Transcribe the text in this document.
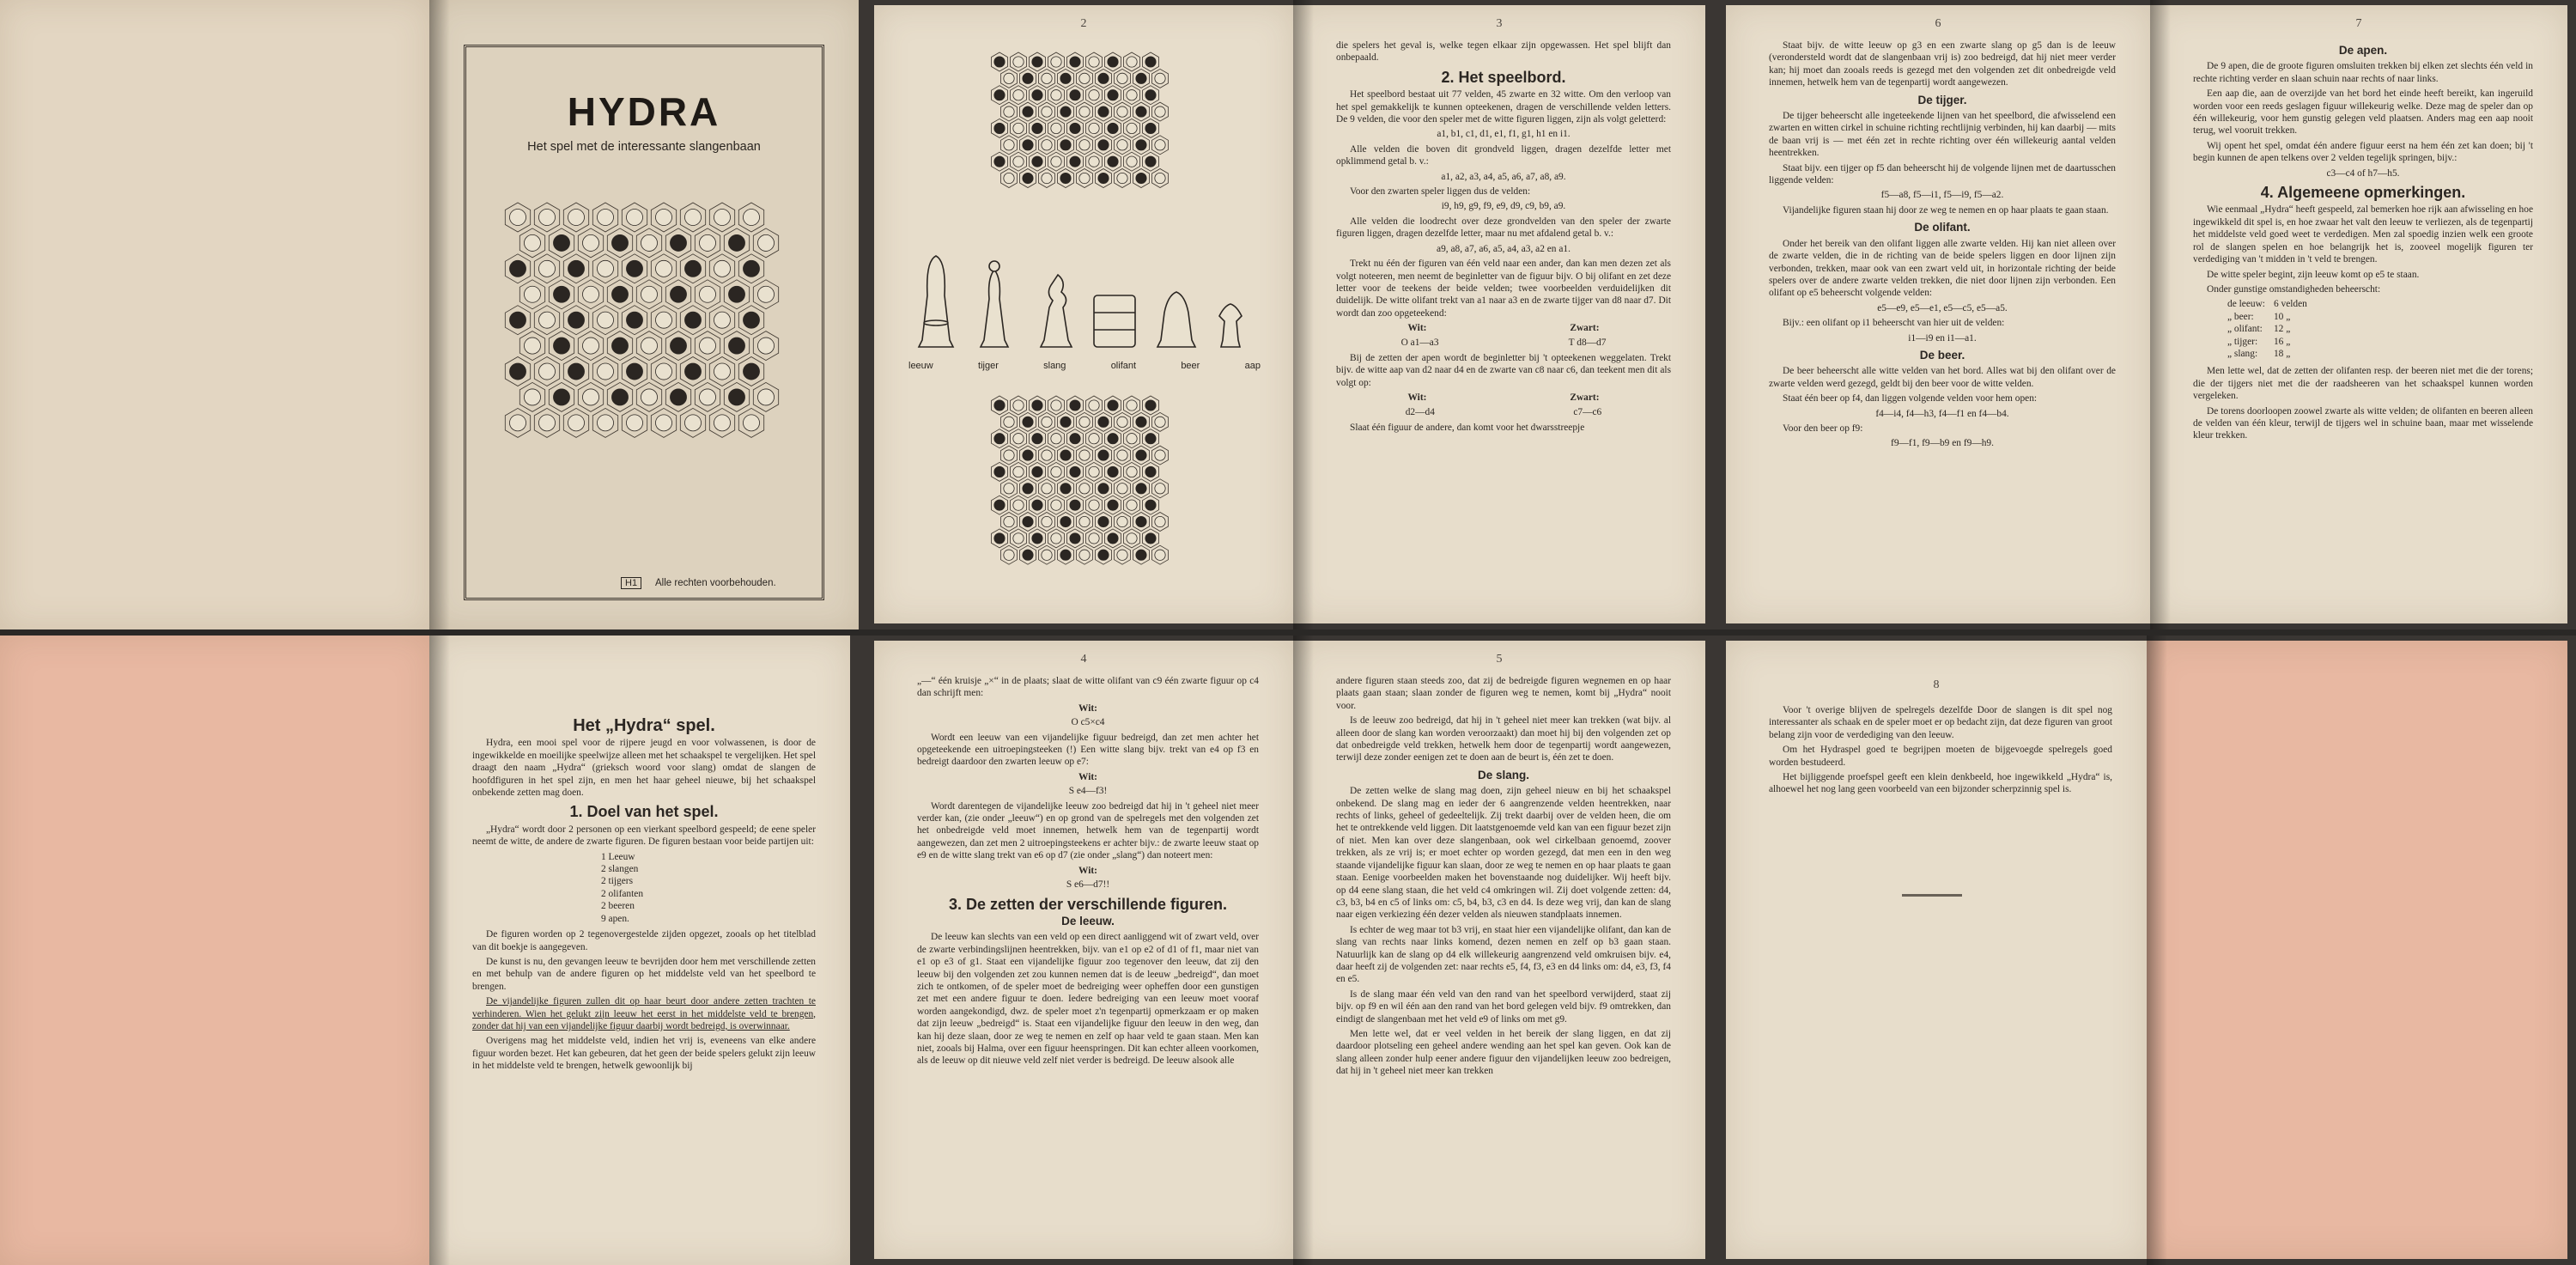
HYDRA
Het spel met de interessante slangenbaan
H1	Alle rechten voorbehouden.
2
leeuw	tijger	slang	olifant	beer	aap
3

die spelers het geval is, welke tegen elkaar zijn opgewassen. Het spel blijft dan onbepaald.

2. Het speelbord.

Het speelbord bestaat uit 77 velden, 45 zwarte en 32 witte. Om den verloop van het spel gemakkelijk te kunnen opteekenen, dragen de verschillende velden letters. De 9 velden, die voor den speler met de witte figuren liggen, zijn als volgt geletterd:

a1, b1, c1, d1, e1, f1, g1, h1 en i1.

Alle velden die boven dit grondveld liggen, dragen dezelfde letter met opklimmend getal b. v.:

a1, a2, a3, a4, a5, a6, a7, a8, a9.

Voor den zwarten speler liggen dus de velden:

i9, h9, g9, f9, e9, d9, c9, b9, a9.

Alle velden die loodrecht over deze grondvelden van den speler der zwarte figuren liggen, dragen dezelfde letter, maar nu met afdalend getal b. v.:

a9, a8, a7, a6, a5, a4, a3, a2 en a1.

Trekt nu één der figuren van één veld naar een ander, dan kan men dezen zet als volgt noteeren, men neemt de beginletter van de figuur bijv. O bij olifant en zet deze letter voor de teekens der beide velden; twee voorbeelden verduidelijken dit duidelijk. De witte olifant trekt van a1 naar a3 en de zwarte tijger van d8 naar d7. Dit wordt dan zoo opgeteekend:

Wit:	Zwart:
O a1—a3	T d8—d7

Bij de zetten der apen wordt de beginletter bij 't opteekenen weggelaten. Trekt bijv. de witte aap van d2 naar d4 en de zwarte van c8 naar c6, dan teekent men dit als volgt op:

Wit:	Zwart:
d2—d4	c7—c6

Slaat één figuur de andere, dan komt voor het dwarsstreepje

6

Staat bijv. de witte leeuw op g3 en een zwarte slang op g5 dan is de leeuw (verondersteld wordt dat de slangenbaan vrij is) zoo bedreigd, dat hij niet meer verder kan; hij moet dan zooals reeds is gezegd met den volgenden zet dit onbedreigde veld innemen, hetwelk hem van de tegenpartij wordt aangewezen.

De tijger.

De tijger beheerscht alle ingeteekende lijnen van het speelbord, die afwisselend een zwarten en witten cirkel in schuine richting rechtlijnig verbinden, hij kan daarbij — mits de baan vrij is — met één zet in rechte richting over één willekeurig aantal velden heentrekken.

Staat bijv. een tijger op f5 dan beheerscht hij de volgende lijnen met de daartusschen liggende velden:

f5—a8, f5—i1, f5—i9, f5—a2.

Vijandelijke figuren staan hij door ze weg te nemen en op haar plaats te gaan staan.

De olifant.

Onder het bereik van den olifant liggen alle zwarte velden. Hij kan niet alleen over de zwarte velden, die in de richting van de beide spelers liggen en door lijnen zijn verbonden, trekken, maar ook van een zwart veld uit, in horizontale richting der beide spelers over de andere zwarte velden trekken, die niet door lijnen zijn verbonden. Een olifant op e5 beheerscht volgende velden:

e5—e9, e5—e1, e5—c5, e5—a5.

Bijv.: een olifant op i1 beheerscht van hier uit de velden:

i1—i9 en i1—a1.

De beer.

De beer beheerscht alle witte velden van het bord. Alles wat bij den olifant over de zwarte velden werd gezegd, geldt bij den beer voor de witte velden.

Staat één beer op f4, dan liggen volgende velden voor hem open:

f4—i4, f4—h3, f4—f1 en f4—b4.

Voor den beer op f9:

f9—f1, f9—b9 en f9—h9.

7
De apen.

De 9 apen, die de groote figuren omsluiten trekken bij elken zet slechts één veld in rechte richting verder en slaan schuin naar rechts of naar links.

Een aap die, aan de overzijde van het bord het einde heeft bereikt, kan ingeruild worden voor een reeds geslagen figuur willekeurig welke. Deze mag de speler dan op één willekeurig, voor hem gunstig gelegen veld plaatsen. Anders mag een aap nooit terug, wel vooruit trekken.

Wij opent het spel, omdat één andere figuur eerst na hem één zet kan doen; bij 't begin kunnen de apen telkens over 2 velden tegelijk springen, bijv.:

c3—c4 of h7—h5.

4. Algemeene opmerkingen.

Wie eenmaal „Hydra“ heeft gespeeld, zal bemerken hoe rijk aan afwisseling en hoe ingewikkeld dit spel is, en hoe zwaar het valt den leeuw te verliezen, als de tegenpartij het middelste veld goed weet te verdedigen. Men zal spoedig inzien welk een groote rol de slangen spelen en hoe belangrijk het is, zooveel mogelijk figuren ter verdediging van 't midden in 't veld te brengen.

De witte speler begint, zijn leeuw komt op e5 te staan.

Onder gunstige omstandigheden beheerscht:

de leeuw:	6 velden
„ beer:	10 „
„ olifant:	12 „
„ tijger:	16 „
„ slang:	18 „

Men lette wel, dat de zetten der olifanten resp. der beeren niet met die der torens; die der tijgers niet met die der raadsheeren van het schaakspel kunnen worden vergeleken.

De torens doorloopen zoowel zwarte als witte velden; de olifanten en beeren alleen de velden van één kleur, terwijl de tijgers wel in schuine baan, maar met wisselende kleur trekken.

Het „Hydra“ spel.

Hydra, een mooi spel voor de rijpere jeugd en voor volwassenen, is door de ingewikkelde en moeilijke speelwijze alleen met het schaakspel te vergelijken. Het spel draagt den naam „Hydra“ (grieksch woord voor slang) omdat de slangen de hoofdfiguren in het spel zijn, en men het haar geheel nieuwe, bij het schaakspel onbekende zetten mag doen.

1. Doel van het spel.

„Hydra“ wordt door 2 personen op een vierkant speelbord gespeeld; de eene speler neemt de witte, de andere de zwarte figuren. De figuren bestaan voor beide partijen uit:

1 Leeuw
2 slangen
2 tijgers
2 olifanten
2 beeren
9 apen.

De figuren worden op 2 tegenovergestelde zijden opgezet, zooals op het titelblad van dit boekje is aangegeven.

De kunst is nu, den gevangen leeuw te bevrijden door hem met verschillende zetten en met behulp van de andere figuren op het middelste veld van het speelbord te brengen.

De vijandelijke figuren zullen dit op haar beurt door andere zetten trachten te verhinderen. Wien het gelukt zijn leeuw het eerst in het middelste veld te brengen, zonder dat hij van een vijandelijke figuur daarbij wordt bedreigd, is overwinnaar.

Overigens mag het middelste veld, indien het vrij is, eveneens van elke andere figuur worden bezet. Het kan gebeuren, dat het geen der beide spelers gelukt zijn leeuw in het middelste veld te brengen, hetwelk gewoonlijk bij

4

„—“ één kruisje „×“ in de plaats; slaat de witte olifant van c9 één zwarte figuur op c4 dan schrijft men:

Wit:

O c5×c4

Wordt een leeuw van een vijandelijke figuur bedreigd, dan zet men achter het opgeteekende een uitroepingsteeken (!) Een witte slang bijv. trekt van e4 op f3 en bedreigt daardoor den zwarten leeuw op e7:

Wit:

S e4—f3!

Wordt darentegen de vijandelijke leeuw zoo bedreigd dat hij in 't geheel niet meer verder kan, (zie onder „leeuw“) en op grond van de spelregels met den volgenden zet het onbedreigde veld moet innemen, hetwelk hem van de tegenpartij wordt aangewezen, dan zet men 2 uitroepingsteekens er achter bijv.: de zwarte leeuw staat op e9 en de witte slang trekt van e6 op d7 (zie onder „slang“) dan noteert men:

Wit:

S e6—d7!!

3. De zetten der verschillende figuren.
De leeuw.

De leeuw kan slechts van een veld op een direct aanliggend wit of zwart veld, over de zwarte verbindingslijnen heentrekken, bijv. van e1 op e2 of d1 of f1, maar niet van e1 op e3 of g1. Staat een vijandelijke figuur zoo tegenover den leeuw, dat zij den leeuw bij den volgenden zet zou kunnen nemen dat is de leeuw „bedreigd“, dan moet zich te ontkomen, of de speler moet de bedreiging weer opheffen door een gunstigen zet met een andere figuur te doen. Iedere bedreiging van een leeuw moet vooraf worden aangekondigd, dwz. de speler moet z'n tegenpartij opmerkzaam er op maken dat zijn leeuw „bedreigd“ is. Staat een vijandelijke figuur den leeuw in den weg, dan kan hij deze slaan, door ze weg te nemen en zelf op haar veld te gaan staan. Men kan niet, zooals bij Halma, over een figuur heenspringen. Dit kan echter alleen voorkomen, als de leeuw op dit nieuwe veld zelf niet verder is bedreigd. De leeuw alsook alle

5

andere figuren staan steeds zoo, dat zij de bedreigde figuren wegnemen en op haar plaats gaan staan; slaan zonder de figuren weg te nemen, komt bij „Hydra“ nooit voor.

Is de leeuw zoo bedreigd, dat hij in 't geheel niet meer kan trekken (wat bijv. al alleen door de slang kan worden veroorzaakt) dan moet hij bij den volgenden zet op dat onbedreigde veld trekken, hetwelk hem door de tegenpartij wordt aangewezen, terwijl deze zonder eenigen zet te doen aan de beurt is, één zet te doen.

De slang.

De zetten welke de slang mag doen, zijn geheel nieuw en bij het schaakspel onbekend. De slang mag en ieder der 6 aangrenzende velden heentrekken, naar rechts of links, geheel of gedeeltelijk. Zij trekt daarbij over de velden heen, die om het te ontrekkende veld liggen. Dit laatstgenoemde veld kan van een figuur bezet zijn of niet. Men kan over deze slangenbaan, ook wel cirkelbaan genoemd, zoover trekken, als ze vrij is; er moet echter op worden gezegd, dat men een in den weg staande vijandelijke figuur kan slaan, door ze weg te nemen en op haar plaats te gaan staan. Eenige voorbeelden maken het bovenstaande nog duidelijker. Wij heeft bijv. op d4 eene slang staan, die het veld c4 omkringen wil. Zij doet volgende zetten: d4, c3, b3, b4 en c5 of links om: c5, b4, b3, c3 en d4. Is deze weg vrij, dan kan de slang naar eigen verkiezing één dezer velden als nieuwen standplaats innemen.

Is echter de weg maar tot b3 vrij, en staat hier een vijandelijke olifant, dan kan de slang van rechts naar links komend, dezen nemen en zelf op b3 gaan staan. Natuurlijk kan de slang op d4 elk willekeurig aangrenzend veld omkruisen bijv. e4, daar heeft zij de volgenden zet: naar rechts e5, f4, f3, e3 en d4 links om: d4, e3, f3, f4 en e5.

Is de slang maar één veld van den rand van het speelbord verwijderd, staat zij bijv. op f9 en wil één aan den rand van het bord gelegen veld bijv. f9 omtrekken, dan eindigt de slangenbaan met het veld e9 of links om met g9.

Men lette wel, dat er veel velden in het bereik der slang liggen, en dat zij daardoor plotseling een geheel andere wending aan het spel kan geven. Ook kan de slang alleen zonder hulp eener andere figuur den vijandelijken leeuw zoo bedreigen, dat hij in 't geheel niet meer kan trekken

8

Voor 't overige blijven de spelregels dezelfde Door de slangen is dit spel nog interessanter als schaak en de speler moet er op bedacht zijn, dat deze figuren van groot belang zijn voor de verdediging van den leeuw.

Om het Hydraspel goed te begrijpen moeten de bijgevoegde spelregels goed worden bestudeerd.

Het bijliggende proefspel geeft een klein denkbeeld, hoe ingewikkeld „Hydra“ is, alhoewel het nog lang geen voorbeeld van een bijzonder scherpzinnig spel is.
